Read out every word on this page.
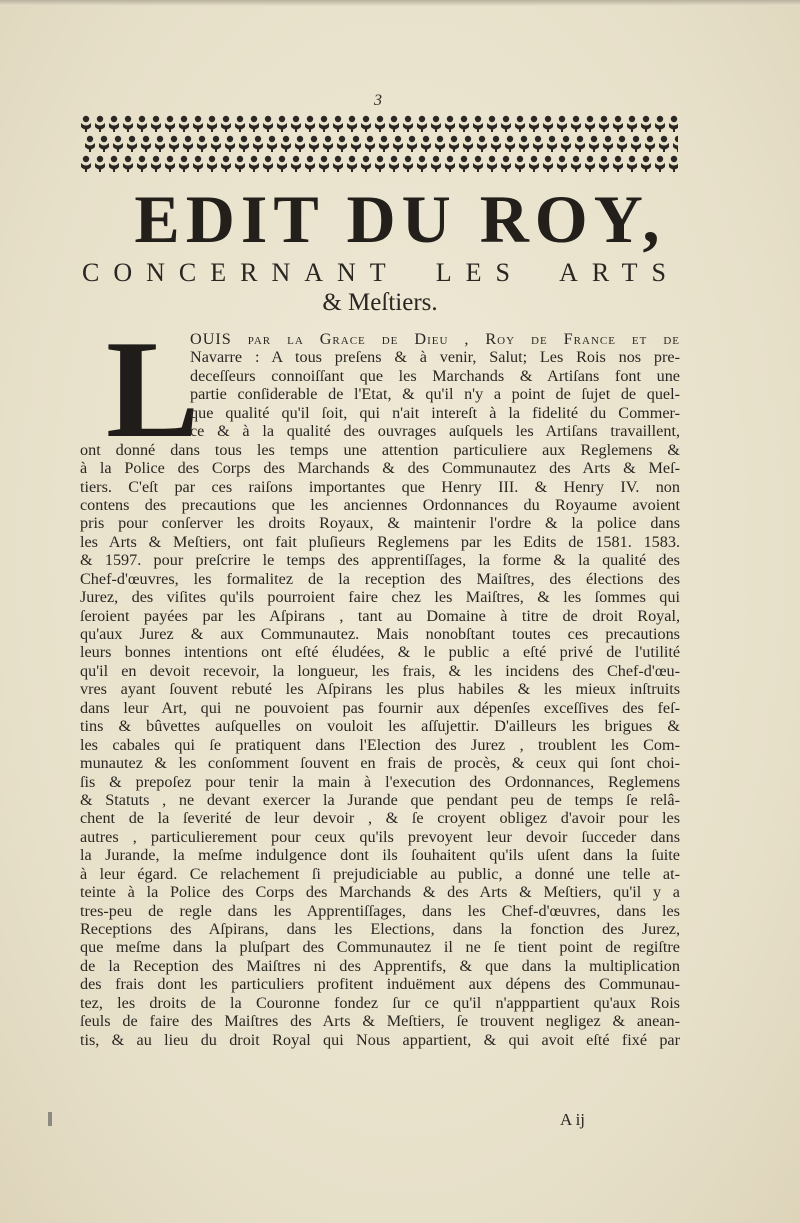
3
EDIT DU ROY,
CONCERNANT LES ARTS
& Meſtiers.
L
OUIS par la Grace de Dieu , Roy de France et de
Navarre : A tous preſens & à venir, Salut; Les Rois nos pre-
deceſſeurs connoiſſant que les Marchands & Artiſans font une
partie conſiderable de l'Etat, & qu'il n'y a point de ſujet de quel-
que qualité qu'il ſoit, qui n'ait intereſt à la fidelité du Commer-
ce & à la qualité des ouvrages auſquels les Artiſans travaillent,
ont donné dans tous les temps une attention particuliere aux Reglemens &
à la Police des Corps des Marchands & des Communautez des Arts & Meſ-
tiers. C'eſt par ces raiſons importantes que Henry III. & Henry IV. non
contens des precautions que les anciennes Ordonnances du Royaume avoient
pris pour conſerver les droits Royaux, & maintenir l'ordre & la police dans
les Arts & Meſtiers, ont fait pluſieurs Reglemens par les Edits de 1581. 1583.
& 1597. pour preſcrire le temps des apprentiſſages, la forme & la qualité des
Chef-d'œuvres, les formalitez de la reception des Maiſtres, des élections des
Jurez, des viſites qu'ils pourroient faire chez les Maiſtres, & les ſommes qui
ſeroient payées par les Aſpirans , tant au Domaine à titre de droit Royal,
qu'aux Jurez & aux Communautez. Mais nonobſtant toutes ces precautions
leurs bonnes intentions ont eſté éludées, & le public a eſté privé de l'utilité
qu'il en devoit recevoir, la longueur, les frais, & les incidens des Chef-d'œu-
vres ayant ſouvent rebuté les Aſpirans les plus habiles & les mieux inſtruits
dans leur Art, qui ne pouvoient pas fournir aux dépenſes exceſſives des feſ-
tins & bûvettes auſquelles on vouloit les aſſujettir. D'ailleurs les brigues &
les cabales qui ſe pratiquent dans l'Election des Jurez , troublent les Com-
munautez & les conſomment ſouvent en frais de procès, & ceux qui ſont choi-
ſis & prepoſez pour tenir la main à l'execution des Ordonnances, Reglemens
& Statuts , ne devant exercer la Jurande que pendant peu de temps ſe relâ-
chent de la ſeverité de leur devoir , & ſe croyent obligez d'avoir pour les
autres , particulierement pour ceux qu'ils prevoyent leur devoir ſucceder dans
la Jurande, la meſme indulgence dont ils ſouhaitent qu'ils uſent dans la ſuite
à leur égard. Ce relachement ſi prejudiciable au public, a donné une telle at-
teinte à la Police des Corps des Marchands & des Arts & Meſtiers, qu'il y a
tres-peu de regle dans les Apprentiſſages, dans les Chef-d'œuvres, dans les
Receptions des Aſpirans, dans les Elections, dans la fonction des Jurez,
que meſme dans la pluſpart des Communautez il ne ſe tient point de regiſtre
de la Reception des Maiſtres ni des Apprentifs, & que dans la multiplication
des frais dont les particuliers profitent induëment aux dépens des Communau-
tez, les droits de la Couronne fondez ſur ce qu'il n'apppartient qu'aux Rois
ſeuls de faire des Maiſtres des Arts & Meſtiers, ſe trouvent negligez & anean-
tis, & au lieu du droit Royal qui Nous appartient, & qui avoit eſté fixé par
A ij
